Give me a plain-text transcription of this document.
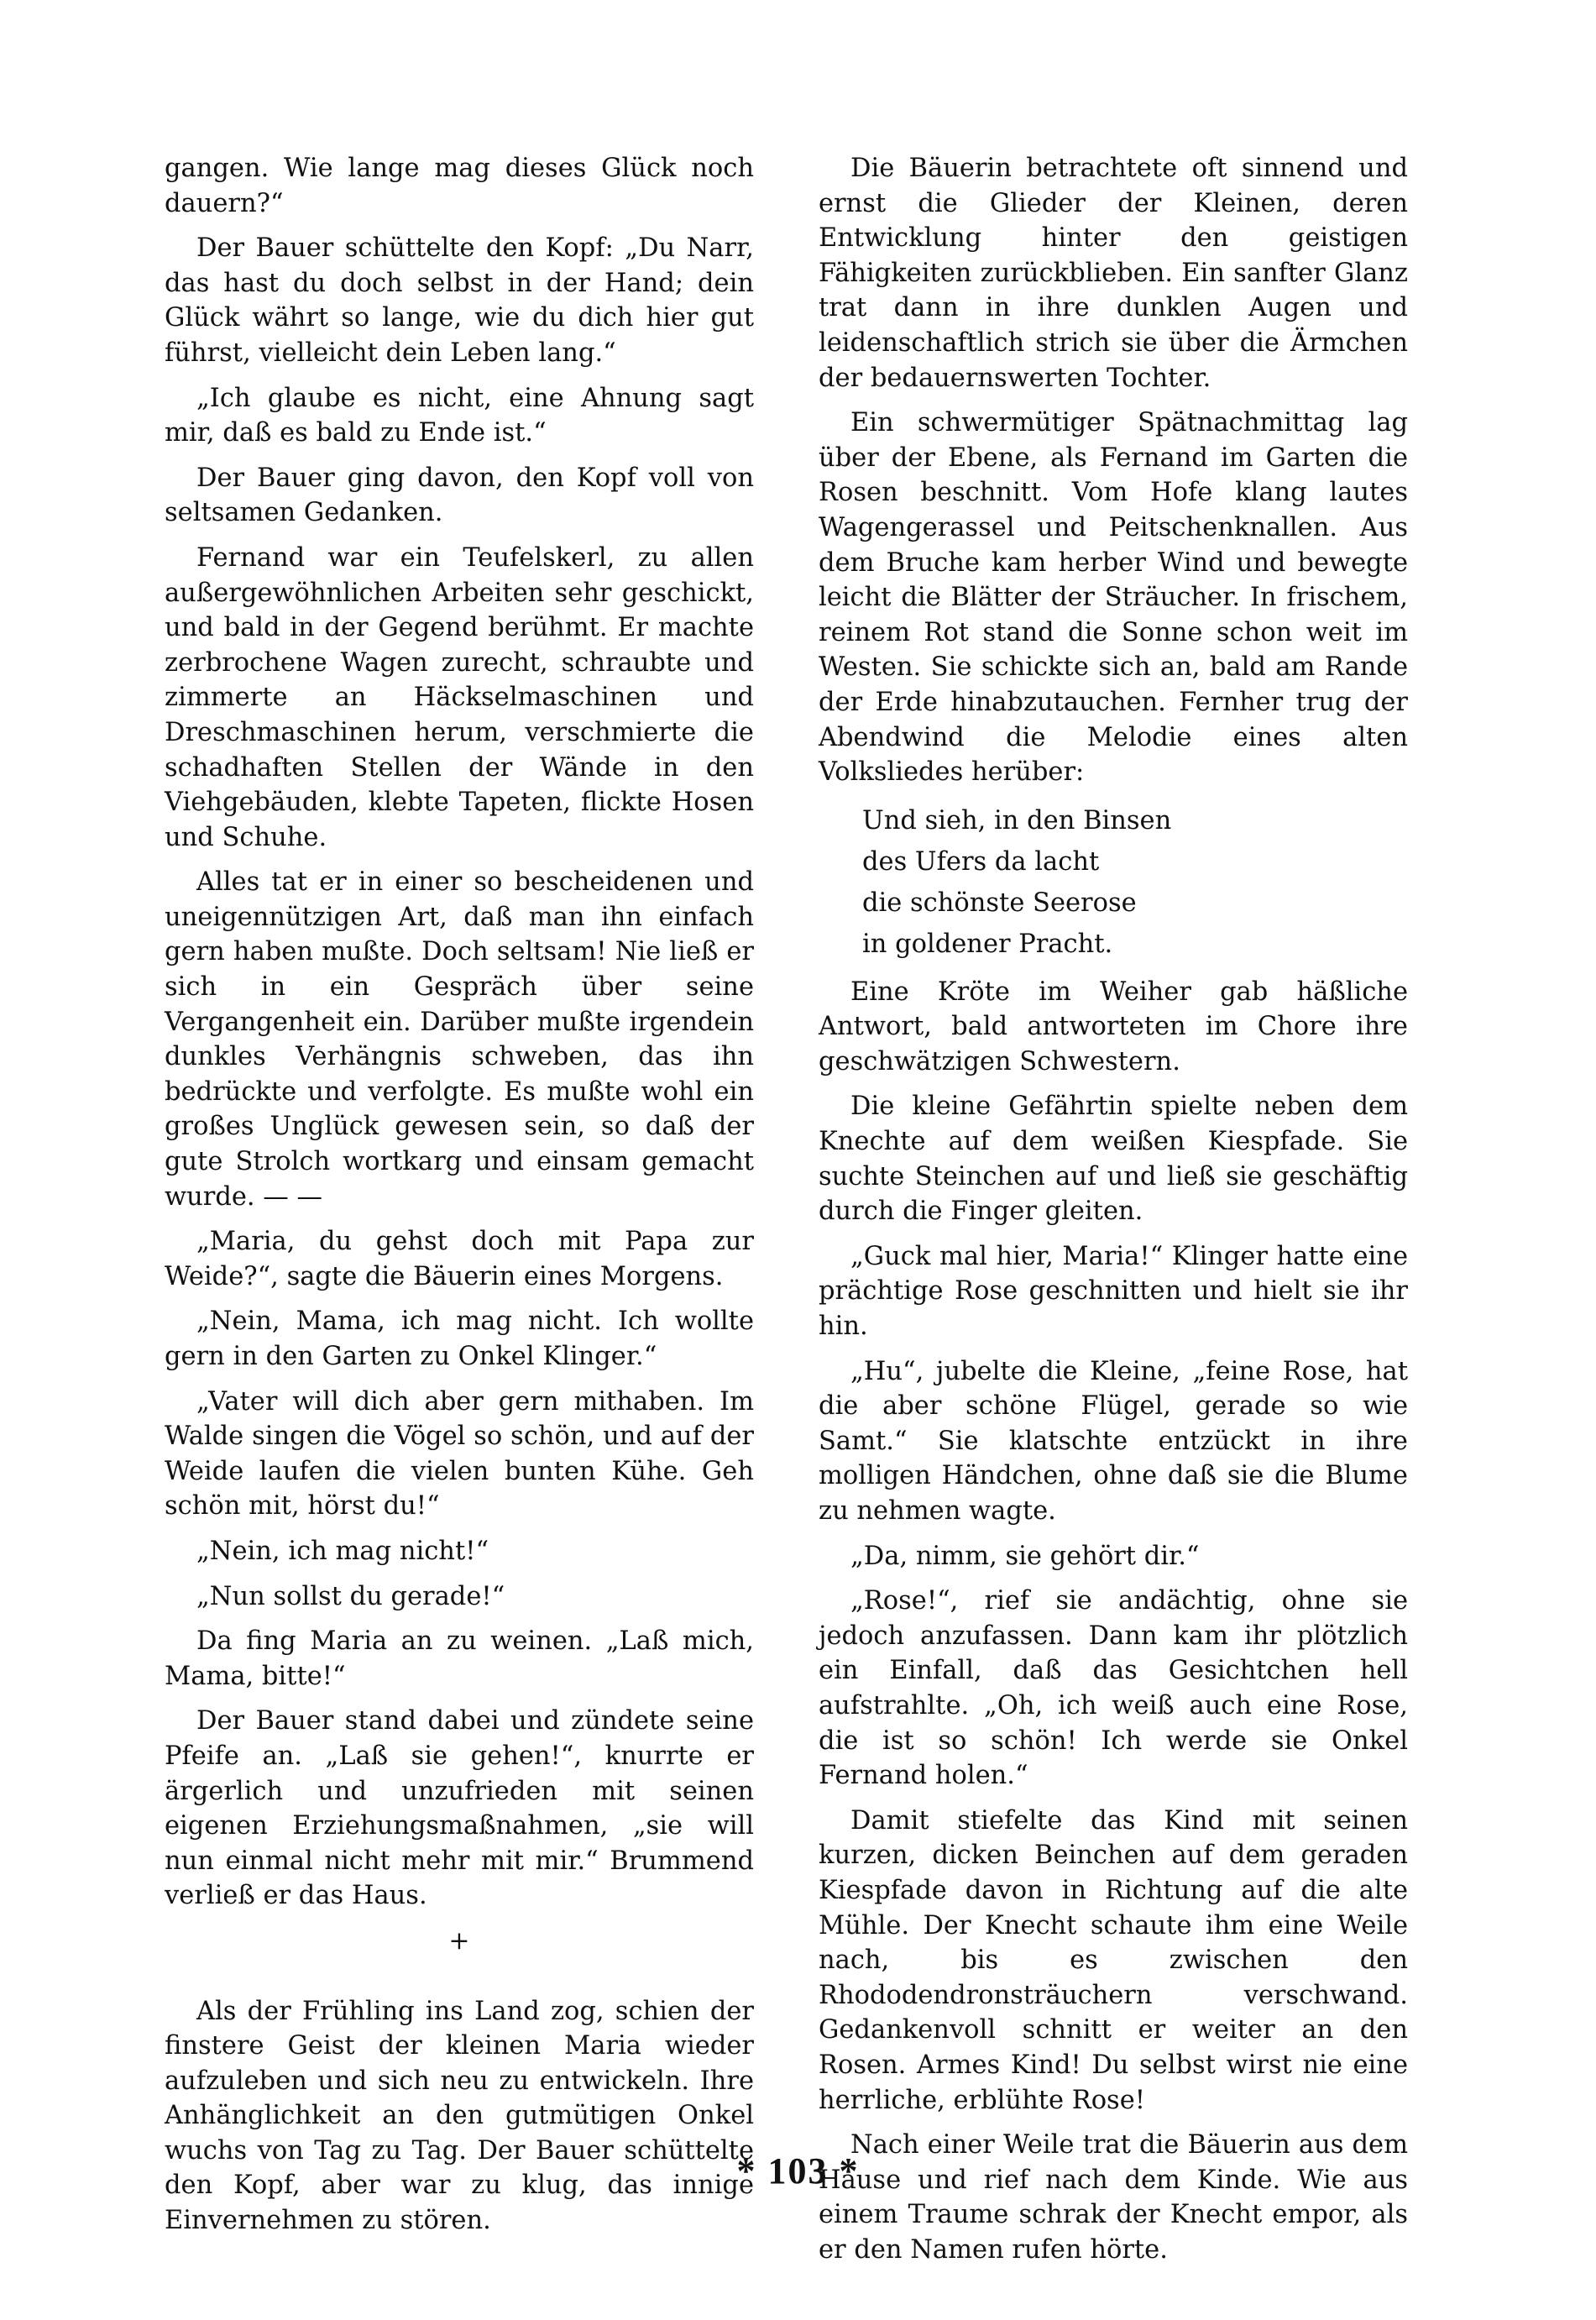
gangen. Wie lange mag dieses Glück noch dauern?“

Der Bauer schüttelte den Kopf: „Du Narr, das hast du doch selbst in der Hand; dein Glück währt so lange, wie du dich hier gut führst, vielleicht dein Leben lang.“

„Ich glaube es nicht, eine Ahnung sagt mir, daß es bald zu Ende ist.“

Der Bauer ging davon, den Kopf voll von seltsamen Gedanken.

Fernand war ein Teufelskerl, zu allen außergewöhnlichen Arbeiten sehr geschickt, und bald in der Gegend berühmt. Er machte zerbrochene Wagen zurecht, schraubte und zimmerte an Häckselmaschinen und Dreschmaschinen herum, verschmierte die schadhaften Stellen der Wände in den Viehgebäuden, klebte Tapeten, flickte Hosen und Schuhe.

Alles tat er in einer so bescheidenen und uneigennützigen Art, daß man ihn einfach gern haben mußte. Doch seltsam! Nie ließ er sich in ein Gespräch über seine Vergangenheit ein. Darüber mußte irgendein dunkles Verhängnis schweben, das ihn bedrückte und verfolgte. Es mußte wohl ein großes Unglück gewesen sein, so daß der gute Strolch wortkarg und einsam gemacht wurde. — —

„Maria, du gehst doch mit Papa zur Weide?“, sagte die Bäuerin eines Morgens.

„Nein, Mama, ich mag nicht. Ich wollte gern in den Garten zu Onkel Klinger.“

„Vater will dich aber gern mithaben. Im Walde singen die Vögel so schön, und auf der Weide laufen die vielen bunten Kühe. Geh schön mit, hörst du!“

„Nein, ich mag nicht!“

„Nun sollst du gerade!“

Da fing Maria an zu weinen. „Laß mich, Mama, bitte!“

Der Bauer stand dabei und zündete seine Pfeife an. „Laß sie gehen!“, knurrte er ärgerlich und unzufrieden mit seinen eigenen Erziehungsmaßnahmen, „sie will nun einmal nicht mehr mit mir.“ Brummend verließ er das Haus.

+

Als der Frühling ins Land zog, schien der finstere Geist der kleinen Maria wieder aufzuleben und sich neu zu entwickeln. Ihre Anhänglichkeit an den gutmütigen Onkel wuchs von Tag zu Tag. Der Bauer schüttelte den Kopf, aber war zu klug, das innige Einvernehmen zu stören.

Die Bäuerin betrachtete oft sinnend und ernst die Glieder der Kleinen, deren Entwicklung hinter den geistigen Fähigkeiten zurückblieben. Ein sanfter Glanz trat dann in ihre dunklen Augen und leidenschaftlich strich sie über die Ärmchen der bedauernswerten Tochter.

Ein schwermütiger Spätnachmittag lag über der Ebene, als Fernand im Garten die Rosen beschnitt. Vom Hofe klang lautes Wagengerassel und Peitschenknallen. Aus dem Bruche kam herber Wind und bewegte leicht die Blätter der Sträucher. In frischem, reinem Rot stand die Sonne schon weit im Westen. Sie schickte sich an, bald am Rande der Erde hinabzutauchen. Fernher trug der Abendwind die Melodie eines alten Volksliedes herüber:

Und sieh, in den Binsen
des Ufers da lacht
die schönste Seerose
in goldener Pracht.

Eine Kröte im Weiher gab häßliche Antwort, bald antworteten im Chore ihre geschwätzigen Schwestern.

Die kleine Gefährtin spielte neben dem Knechte auf dem weißen Kiespfade. Sie suchte Steinchen auf und ließ sie geschäftig durch die Finger gleiten.

„Guck mal hier, Maria!“ Klinger hatte eine prächtige Rose geschnitten und hielt sie ihr hin.

„Hu“, jubelte die Kleine, „feine Rose, hat die aber schöne Flügel, gerade so wie Samt.“ Sie klatschte entzückt in ihre molligen Händchen, ohne daß sie die Blume zu nehmen wagte.

„Da, nimm, sie gehört dir.“

„Rose!“, rief sie andächtig, ohne sie jedoch anzufassen. Dann kam ihr plötzlich ein Einfall, daß das Gesichtchen hell aufstrahlte. „Oh, ich weiß auch eine Rose, die ist so schön! Ich werde sie Onkel Fernand holen.“

Damit stiefelte das Kind mit seinen kurzen, dicken Beinchen auf dem geraden Kiespfade davon in Richtung auf die alte Mühle. Der Knecht schaute ihm eine Weile nach, bis es zwischen den Rhododendronsträuchern verschwand. Gedankenvoll schnitt er weiter an den Rosen. Armes Kind! Du selbst wirst nie eine herrliche, erblühte Rose!

Nach einer Weile trat die Bäuerin aus dem Hause und rief nach dem Kinde. Wie aus einem Traume schrak der Knecht empor, als er den Namen rufen hörte.

* 103 *
